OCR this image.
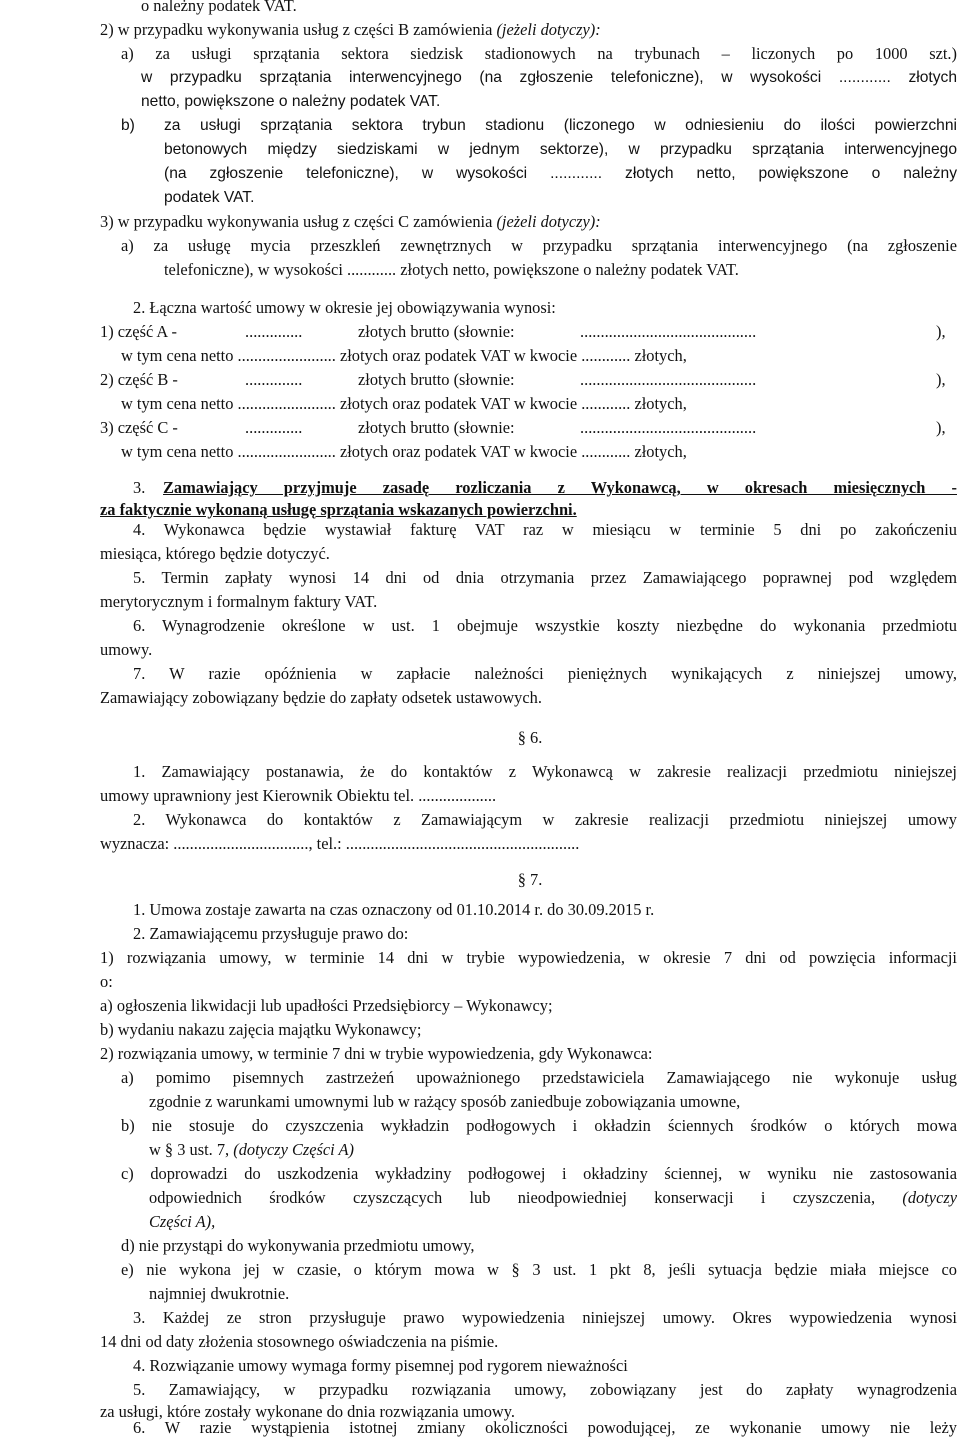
o należny podatek VAT.
2) w przypadku wykonywania usług z części B zamówienia (jeżeli dotyczy):
a) za usługi sprzątania sektora siedzisk stadionowych na trybunach – liczonych po 1000 szt.)
w przypadku sprzątania interwencyjnego (na zgłoszenie telefoniczne), w wysokości ............ złotych
netto, powiększone o należny podatek VAT.
b) za usługi sprzątania sektora trybun stadionu (liczonego w odniesieniu do ilości powierzchni
betonowych między siedziskami w jednym sektorze), w przypadku sprzątania interwencyjnego
(na zgłoszenie telefoniczne), w wysokości ............ złotych netto, powiększone o należny
podatek VAT.
3) w przypadku wykonywania usług z części C zamówienia (jeżeli dotyczy):
a) za usługę mycia przeszkleń zewnętrznych w przypadku sprzątania interwencyjnego (na zgłoszenie
telefoniczne), w wysokości ............ złotych netto, powiększone o należny podatek VAT.
2. Łączna wartość umowy w okresie jej obowiązywania wynosi:
1) część A -	..............	złotych brutto (słownie:	...........................................	),
w tym cena netto ........................ złotych oraz podatek VAT w kwocie ............ złotych,
2) część B -	..............	złotych brutto (słownie:	...........................................	),
w tym cena netto ........................ złotych oraz podatek VAT w kwocie ............ złotych,
3) część C -	..............	złotych brutto (słownie:	...........................................	),
w tym cena netto ........................ złotych oraz podatek VAT w kwocie ............ złotych,
3. Zamawiający przyjmuje zasadę rozliczania z Wykonawcą, w okresach miesięcznych -
za faktycznie wykonaną usługę sprzątania wskazanych powierzchni.
4. Wykonawca będzie wystawiał fakturę VAT raz w miesiącu w terminie 5 dni po zakończeniu
miesiąca, którego będzie dotyczyć.
5. Termin zapłaty wynosi 14 dni od dnia otrzymania przez Zamawiającego poprawnej pod względem
merytorycznym i formalnym faktury VAT.
6. Wynagrodzenie określone w ust. 1 obejmuje wszystkie koszty niezbędne do wykonania przedmiotu
umowy.
7. W razie opóźnienia w zapłacie należności pieniężnych wynikających z niniejszej umowy,
Zamawiający zobowiązany będzie do zapłaty odsetek ustawowych.
§ 6.
1. Zamawiający postanawia, że do kontaktów z Wykonawcą w zakresie realizacji przedmiotu niniejszej
umowy uprawniony jest Kierownik Obiektu tel. ...................
2. Wykonawca do kontaktów z Zamawiającym w zakresie realizacji przedmiotu niniejszej umowy
wyznacza: ................................., tel.: .........................................................
§ 7.
1. Umowa zostaje zawarta na czas oznaczony od 01.10.2014 r. do 30.09.2015 r.
2. Zamawiającemu przysługuje prawo do:
1) rozwiązania umowy, w terminie 14 dni w trybie wypowiedzenia, w okresie 7 dni od powzięcia informacji
o:
a) ogłoszenia likwidacji lub upadłości Przedsiębiorcy – Wykonawcy;
b) wydaniu nakazu zajęcia majątku Wykonawcy;
2) rozwiązania umowy, w terminie 7 dni w trybie wypowiedzenia, gdy Wykonawca:
a) pomimo pisemnych zastrzeżeń upoważnionego przedstawiciela Zamawiającego nie wykonuje usług
zgodnie z warunkami umownymi lub w rażący sposób zaniedbuje zobowiązania umowne,
b) nie stosuje do czyszczenia wykładzin podłogowych i okładzin ściennych środków o których mowa
w § 3 ust. 7, (dotyczy Części A)
c) doprowadzi do uszkodzenia wykładziny podłogowej i okładziny ściennej, w wyniku nie zastosowania
odpowiednich środków czyszczących lub nieodpowiedniej konserwacji i czyszczenia, (dotyczy
Części A),
d) nie przystąpi do wykonywania przedmiotu umowy,
e) nie wykona jej w czasie, o którym mowa w § 3 ust. 1 pkt 8, jeśli sytuacja będzie miała miejsce co
najmniej dwukrotnie.
3. Każdej ze stron przysługuje prawo wypowiedzenia niniejszej umowy. Okres wypowiedzenia wynosi
14 dni od daty złożenia stosownego oświadczenia na piśmie.
4. Rozwiązanie umowy wymaga formy pisemnej pod rygorem nieważności
5. Zamawiający, w przypadku rozwiązania umowy, zobowiązany jest do zapłaty wynagrodzenia
za usługi, które zostały wykonane do dnia rozwiązania umowy.
6. W razie wystąpienia istotnej zmiany okoliczności powodującej, ze wykonanie umowy nie leży
